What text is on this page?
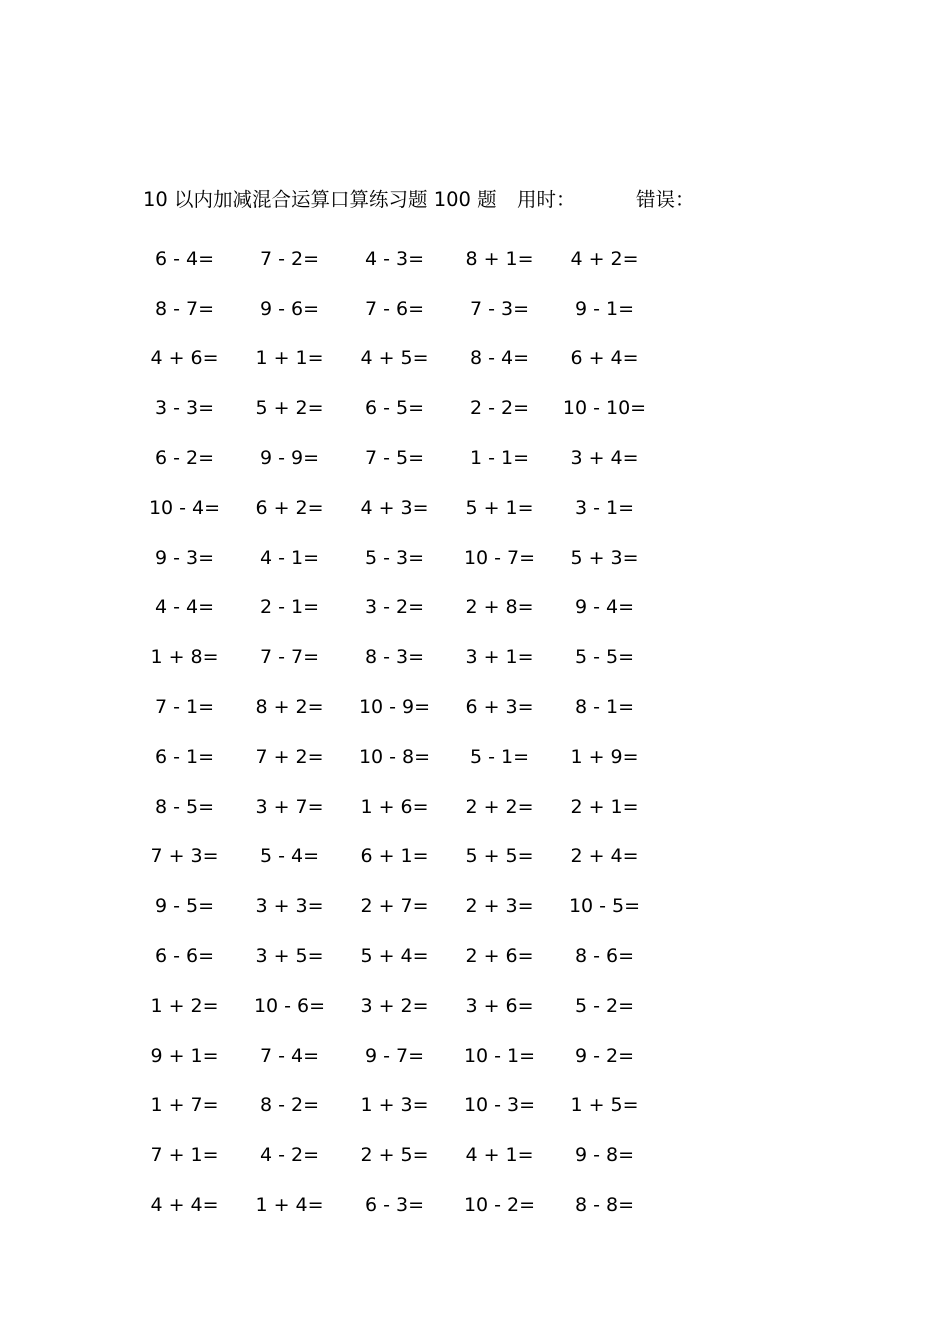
10 以内加减混合运算口算练习题 100 题 用时：	错误：
6 - 4=	7 - 2=	4 - 3=	8 + 1=	4 + 2=
8 - 7=	9 - 6=	7 - 6=	7 - 3=	9 - 1=
4 + 6=	1 + 1=	4 + 5=	8 - 4=	6 + 4=
3 - 3=	5 + 2=	6 - 5=	2 - 2=	10 - 10=
6 - 2=	9 - 9=	7 - 5=	1 - 1=	3 + 4=
10 - 4=	6 + 2=	4 + 3=	5 + 1=	3 - 1=
9 - 3=	4 - 1=	5 - 3=	10 - 7=	5 + 3=
4 - 4=	2 - 1=	3 - 2=	2 + 8=	9 - 4=
1 + 8=	7 - 7=	8 - 3=	3 + 1=	5 - 5=
7 - 1=	8 + 2=	10 - 9=	6 + 3=	8 - 1=
6 - 1=	7 + 2=	10 - 8=	5 - 1=	1 + 9=
8 - 5=	3 + 7=	1 + 6=	2 + 2=	2 + 1=
7 + 3=	5 - 4=	6 + 1=	5 + 5=	2 + 4=
9 - 5=	3 + 3=	2 + 7=	2 + 3=	10 - 5=
6 - 6=	3 + 5=	5 + 4=	2 + 6=	8 - 6=
1 + 2=	10 - 6=	3 + 2=	3 + 6=	5 - 2=
9 + 1=	7 - 4=	9 - 7=	10 - 1=	9 - 2=
1 + 7=	8 - 2=	1 + 3=	10 - 3=	1 + 5=
7 + 1=	4 - 2=	2 + 5=	4 + 1=	9 - 8=
4 + 4=	1 + 4=	6 - 3=	10 - 2=	8 - 8=
